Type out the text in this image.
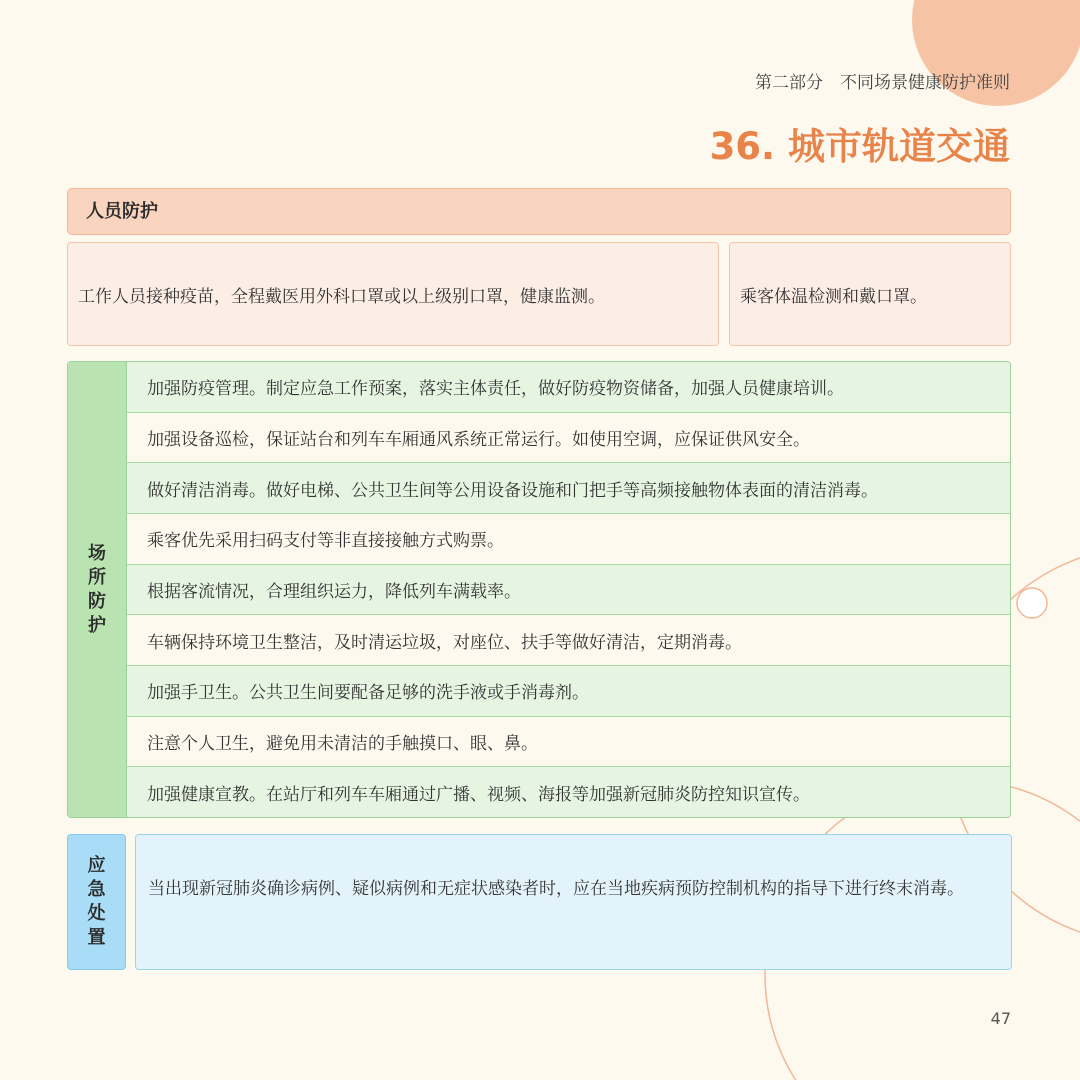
第二部分　不同场景健康防护准则
36. 城市轨道交通
人员防护
工作人员接种疫苗，全程戴医用外科口罩或以上级别口罩，健康监测。	乘客体温检测和戴口罩。
场
所
防
护
加强防疫管理。制定应急工作预案，落实主体责任，做好防疫物资储备，加强人员健康培训。
加强设备巡检，保证站台和列车车厢通风系统正常运行。如使用空调，应保证供风安全。
做好清洁消毒。做好电梯、公共卫生间等公用设备设施和门把手等高频接触物体表面的清洁消毒。
乘客优先采用扫码支付等非直接接触方式购票。
根据客流情况，合理组织运力，降低列车满载率。
车辆保持环境卫生整洁，及时清运垃圾，对座位、扶手等做好清洁，定期消毒。
加强手卫生。公共卫生间要配备足够的洗手液或手消毒剂。
注意个人卫生，避免用未清洁的手触摸口、眼、鼻。
加强健康宣教。在站厅和列车车厢通过广播、视频、海报等加强新冠肺炎防控知识宣传。
应
急
处
置
当出现新冠肺炎确诊病例、疑似病例和无症状感染者时，应在当地疾病预防控制机构的指导下进行终末消毒。
47
